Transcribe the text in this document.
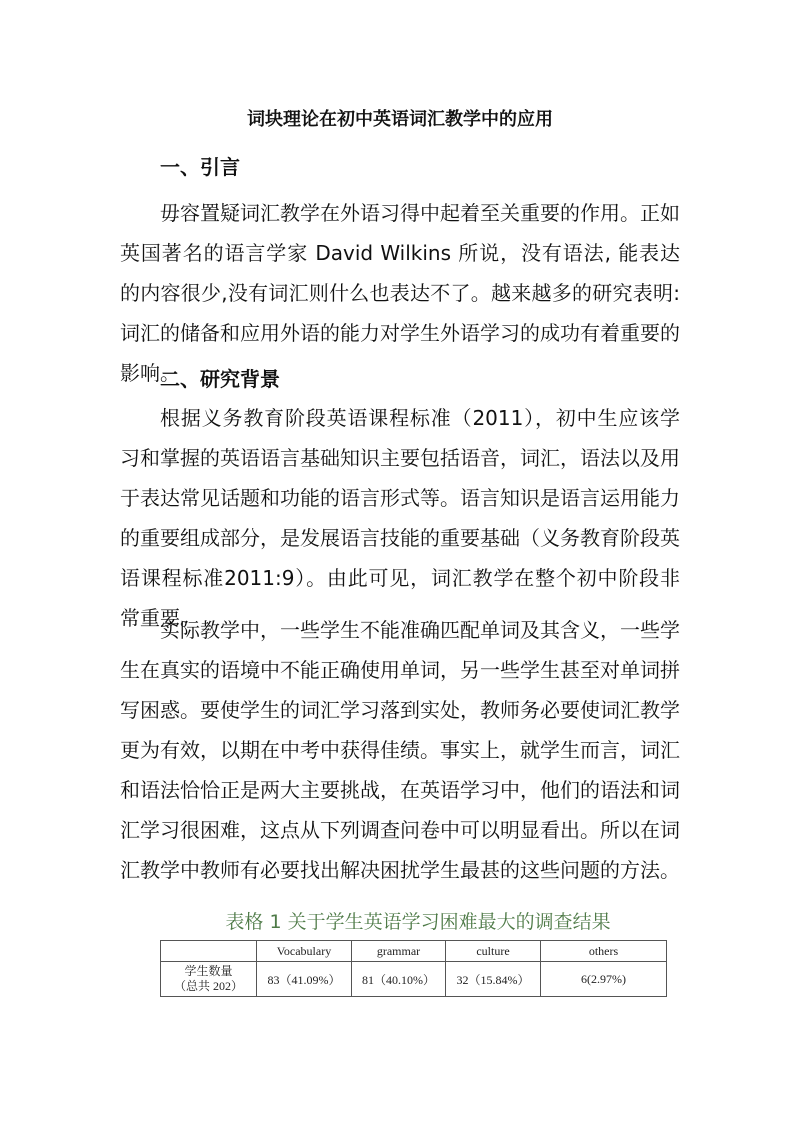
词块理论在初中英语词汇教学中的应用
一、引言

毋容置疑词汇教学在外语习得中起着至关重要的作用。正如英国著名的语言学家 David Wilkins 所说，没有语法, 能表达的内容很少,没有词汇则什么也表达不了。越来越多的研究表明: 词汇的储备和应用外语的能力对学生外语学习的成功有着重要的影响。

二、研究背景

根据义务教育阶段英语课程标准（2011），初中生应该学习和掌握的英语语言基础知识主要包括语音，词汇，语法以及用于表达常见话题和功能的语言形式等。语言知识是语言运用能力的重要组成部分，是发展语言技能的重要基础（义务教育阶段英语课程标准2011:9）。由此可见，词汇教学在整个初中阶段非常重要。

实际教学中，一些学生不能准确匹配单词及其含义，一些学生在真实的语境中不能正确使用单词，另一些学生甚至对单词拼写困惑。要使学生的词汇学习落到实处，教师务必要使词汇教学更为有效，以期在中考中获得佳绩。事实上，就学生而言，词汇和语法恰恰正是两大主要挑战，在英语学习中，他们的语法和词汇学习很困难，这点从下列调查问卷中可以明显看出。所以在词汇教学中教师有必要找出解决困扰学生最甚的这些问题的方法。

表格 1 关于学生英语学习困难最大的调查结果
	Vocabulary	grammar	culture	others

学生数量
（总共 202）	83（41.09%）	81（40.10%）	32（15.84%）	6(2.97%)
